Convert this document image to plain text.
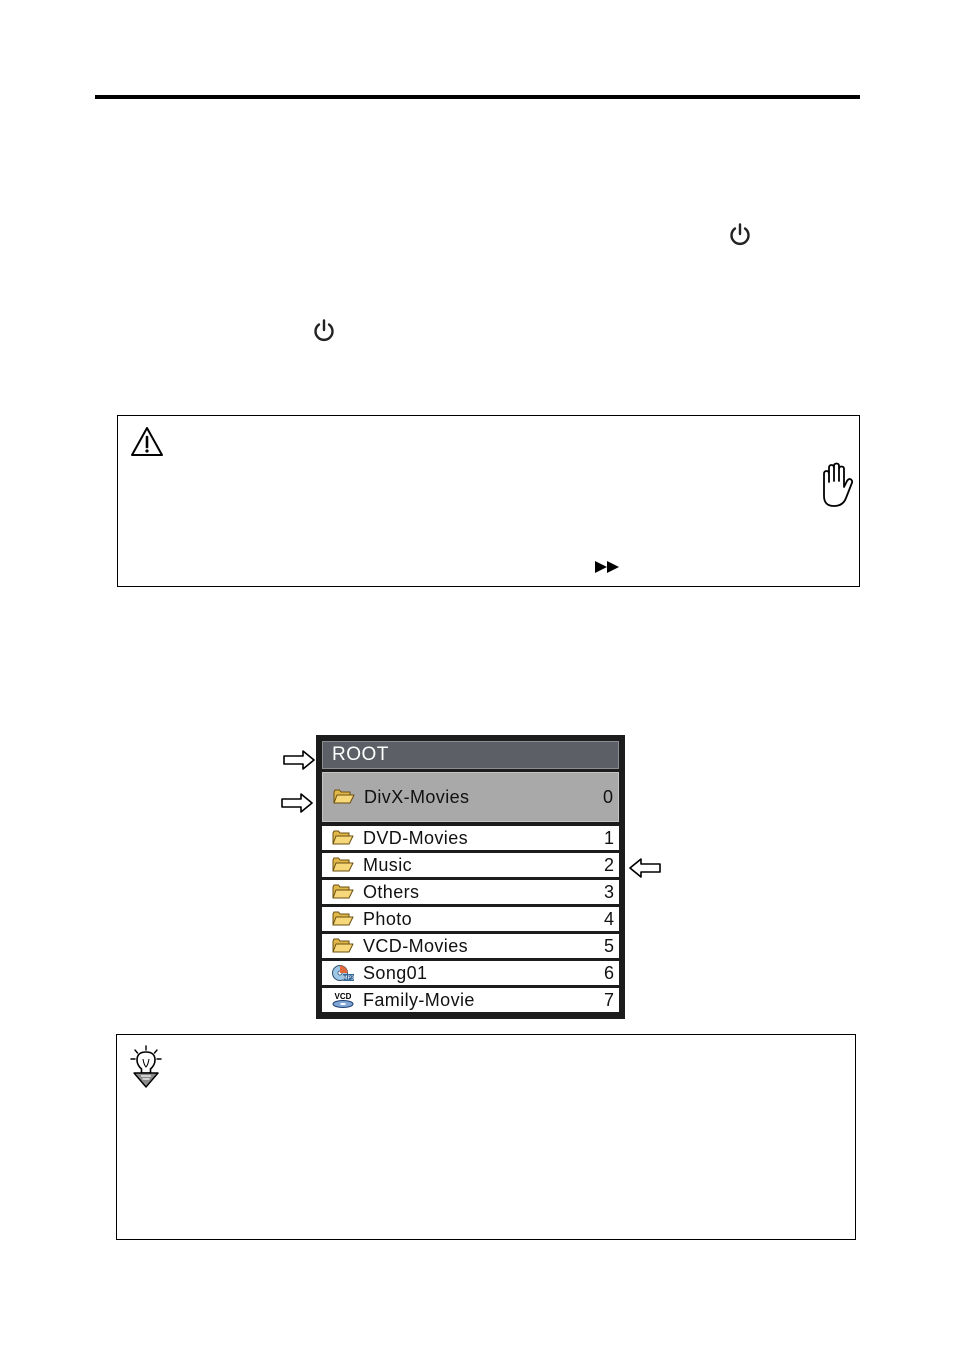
ROOT
DivX-Movies	0
DVD-Movies	1
Music	2
Others	3
Photo	4
VCD-Movies	5
MP3 Song01	6
VCD Family-Movie	7
